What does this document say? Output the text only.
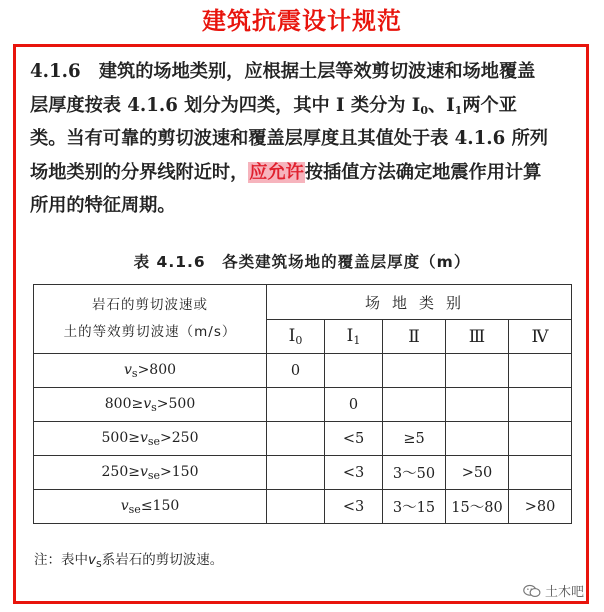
建筑抗震设计规范
4.1.6　建筑的场地类别，应根据土层等效剪切波速和场地覆盖
层厚度按表 4.1.6 划分为四类，其中 Ⅰ 类分为 $Ⅰ_0$、$Ⅰ_1$两个亚
类。当有可靠的剪切波速和覆盖层厚度且其值处于表 4.1.6 所列
场地类别的分界线附近时，应允许按插值方法确定地震作用计算
所用的特征周期。
表 4.1.6　各类建筑场地的覆盖层厚度（m）
岩石的剪切波速或
土的等效剪切波速（m/s）	场地类别				
	$Ⅰ_0$	$Ⅰ_1$	Ⅱ	Ⅲ	Ⅳ
$v_s>800$	0				
$800\ge v_s>500$		0			
$500\ge v_{se}>250$		<5	≥5		
$250\ge v_{se}>150$		<3	3～50	>50	
$v_{se}\le 150$		<3	3～15	15～80	>80
注：表中$v_s$系岩石的剪切波速。
土木吧
